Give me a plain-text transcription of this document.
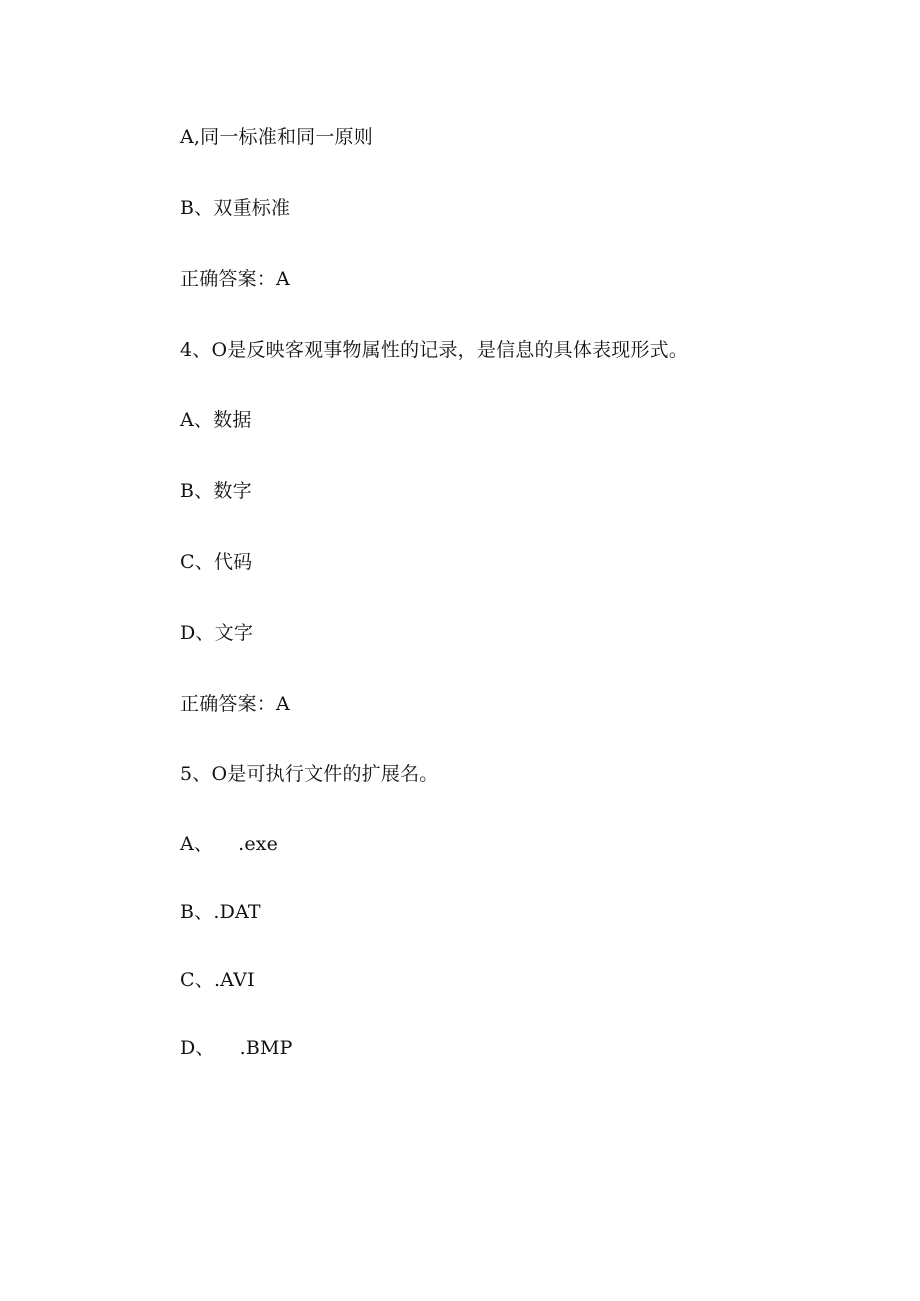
A,同一标准和同一原则
B、双重标准
正确答案：A
4、O是反映客观事物属性的记录，是信息的具体表现形式。
A、数据
B、数字
C、代码
D、文字
正确答案：A
5、O是可执行文件的扩展名。
A、    .exe
B、.DAT
C、.AVI
D、    .BMP
